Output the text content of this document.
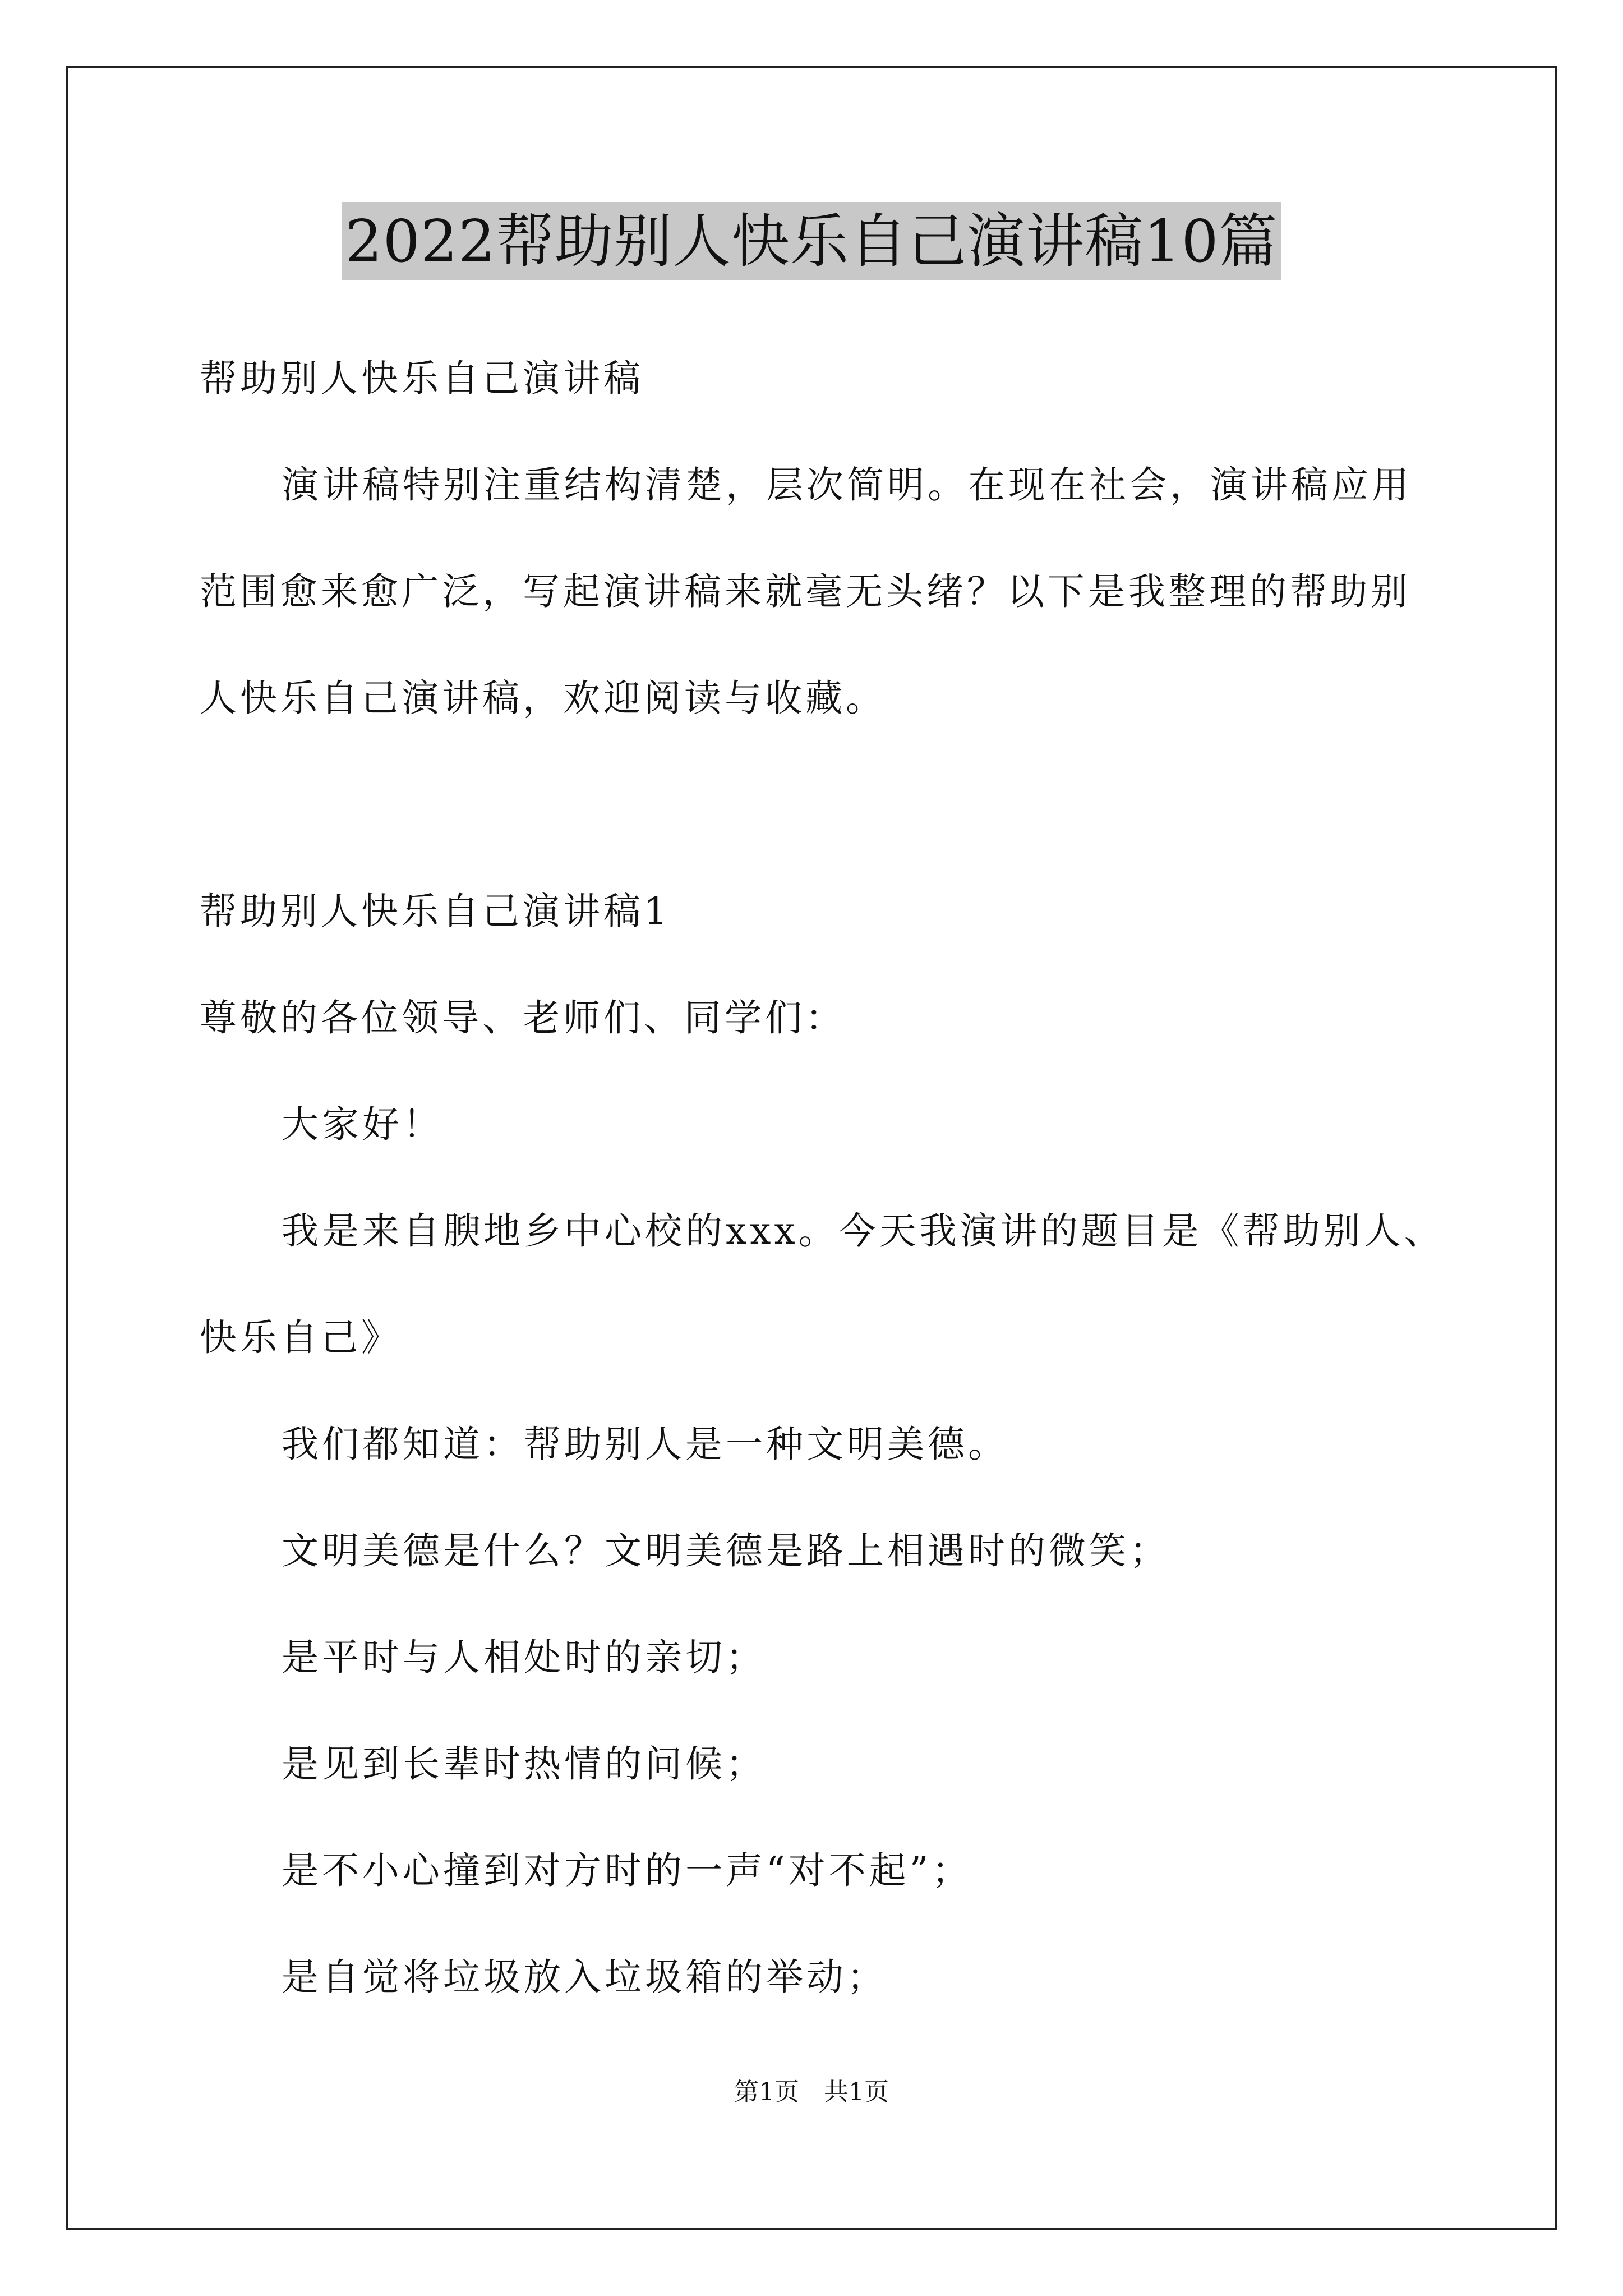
2022帮助别人快乐自己演讲稿10篇
帮助别人快乐自己演讲稿
演讲稿特别注重结构清楚，层次简明。在现在社会，演讲稿应用
范围愈来愈广泛，写起演讲稿来就毫无头绪？以下是我整理的帮助别
人快乐自己演讲稿，欢迎阅读与收藏。
帮助别人快乐自己演讲稿1
尊敬的各位领导、老师们、同学们：
大家好！
我是来自腴地乡中心校的xxx。今天我演讲的题目是《帮助别人、
快乐自己》
我们都知道：帮助别人是一种文明美德。
文明美德是什么？文明美德是路上相遇时的微笑；
是平时与人相处时的亲切；
是见到长辈时热情的问候；
是不小心撞到对方时的一声“对不起”；
是自觉将垃圾放入垃圾箱的举动；
第1页　共1页
